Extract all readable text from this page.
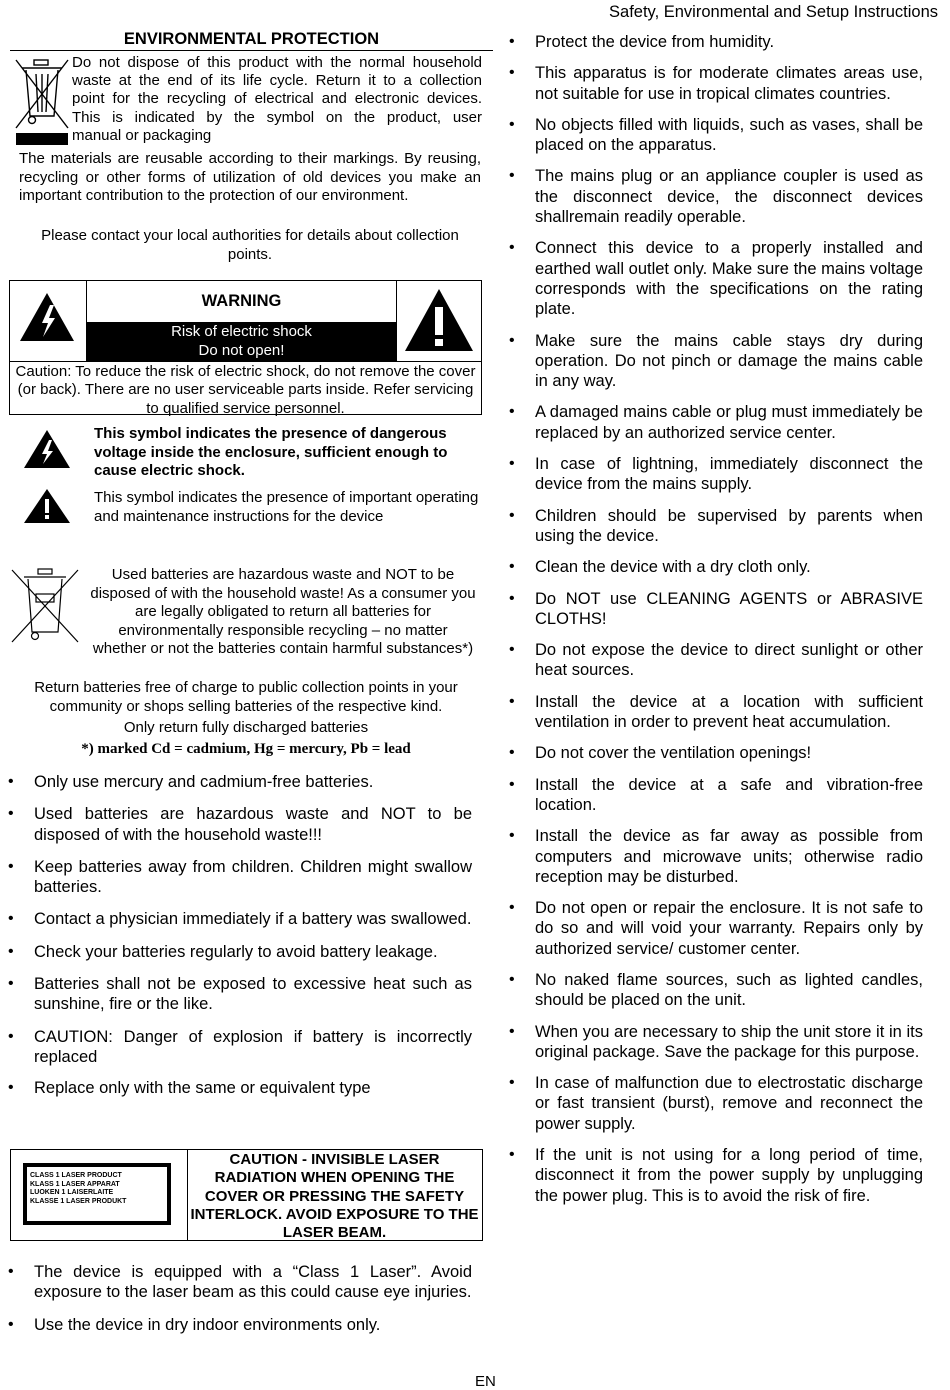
Safety, Environmental and Setup Instructions
EN
ENVIRONMENTAL PROTECTION
Do not dispose of this product with the normal household
waste at the end of its life cycle. Return it to a collection
point for the recycling of electrical and electronic devices.
This is indicated by the symbol on the product, user
manual or packaging
The materials are reusable according to their markings. By reusing, recycling or other forms of utilization of old devices you make an important contribution to the protection of our environment.
Please contact your local authorities for details about collection points.
WARNING
Risk of electric shock
Do not open!
Caution: To reduce the risk of electric shock, do not remove the cover (or back). There are no user serviceable parts inside. Refer servicing to qualified service personnel.
This symbol indicates the presence of dangerous voltage inside the enclosure, sufficient enough to cause electric shock.
This symbol indicates the presence of important operating and maintenance instructions for the device
Used batteries are hazardous waste and NOT to be disposed of with the household waste! As a consumer you are legally obligated to return all batteries for environmentally responsible recycling – no matter whether or not the batteries contain harmful substances*)
Return batteries free of charge to public collection points in your community or shops selling batteries of the respective kind.
Only return fully discharged batteries
*) marked Cd = cadmium, Hg = mercury, Pb = lead
• Only use mercury and cadmium-free batteries.
• Used batteries are hazardous waste and NOT to be disposed of with the household waste!!!
• Keep batteries away from children. Children might swallow batteries.
• Contact a physician immediately if a battery was swallowed.
• Check your batteries regularly to avoid battery leakage.
• Batteries shall not be exposed to excessive heat such as sunshine, fire or the like.
• CAUTION: Danger of explosion if battery is incorrectly replaced
• Replace only with the same or equivalent type
CLASS 1 LASER PRODUCT
KLASS 1 LASER APPARAT
LUOKEN 1 LAISERLAITE
KLASSE 1 LASER PRODUKT
CAUTION - INVISIBLE LASER RADIATION WHEN OPENING THE COVER OR PRESSING THE SAFETY INTERLOCK. AVOID EXPOSURE TO THE LASER BEAM.
• The device is equipped with a “Class 1 Laser”. Avoid exposure to the laser beam as this could cause eye injuries.
• Use the device in dry indoor environments only.
• Protect the device from humidity.
• This apparatus is for moderate climates areas use, not suitable for use in tropical climates countries.
• No objects filled with liquids, such as vases, shall be placed on the apparatus.
• The mains plug or an appliance coupler is used as the disconnect device, the disconnect devices shallremain readily operable.
• Connect this device to a properly installed and earthed wall outlet only. Make sure the mains voltage corresponds with the specifications on the rating plate.
• Make sure the mains cable stays dry during operation. Do not pinch or damage the mains cable in any way.
• A damaged mains cable or plug must immediately be replaced by an authorized service center.
• In case of lightning, immediately disconnect the device from the mains supply.
• Children should be supervised by parents when using the device.
• Clean the device with a dry cloth only.
• Do NOT use CLEANING AGENTS or ABRASIVE CLOTHS!
• Do not expose the device to direct sunlight or other heat sources.
• Install the device at a location with sufficient ventilation in order to prevent heat accumulation.
• Do not cover the ventilation openings!
• Install the device at a safe and vibration-free location.
• Install the device as far away as possible from computers and microwave units; otherwise radio reception may be disturbed.
• Do not open or repair the enclosure. It is not safe to do so and will void your warranty. Repairs only by authorized service/ customer center.
• No naked flame sources, such as lighted candles, should be placed on the unit.
• When you are necessary to ship the unit store it in its original package. Save the package for this purpose.
• In case of malfunction due to electrostatic discharge or fast transient (burst), remove and reconnect the power supply.
• If the unit is not using for a long period of time, disconnect it from the power supply by unplugging the power plug. This is to avoid the risk of fire.
